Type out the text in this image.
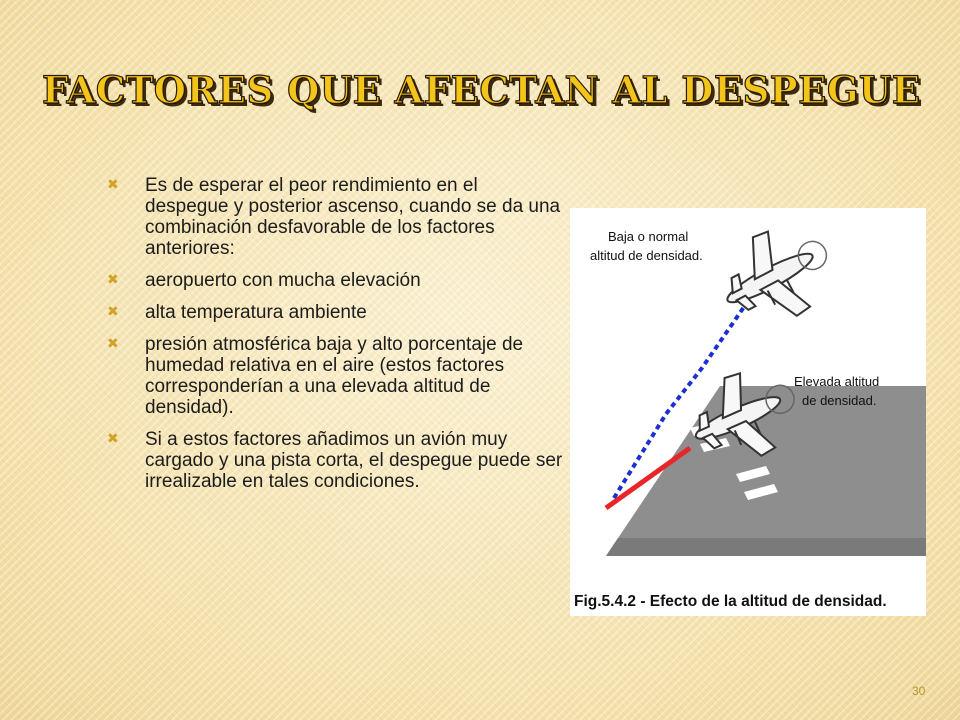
FACTORES QUE AFECTAN AL DESPEGUE
✖ Es de esperar el peor rendimiento en el despegue y posterior ascenso, cuando se da una combinación desfavorable de los factores anteriores:
✖ aeropuerto con mucha elevación
✖ alta temperatura ambiente
✖ presión atmosférica baja y alto porcentaje de humedad relativa en el aire (estos factores corresponderían a una elevada altitud de densidad).
✖ Si a estos factores añadimos un avión muy cargado y una pista corta, el despegue puede ser irrealizable en tales condiciones.
Baja o normal
altitud de densidad.
Elevada altitud
de densidad.
Fig.5.4.2 - Efecto de la altitud de densidad.
30
